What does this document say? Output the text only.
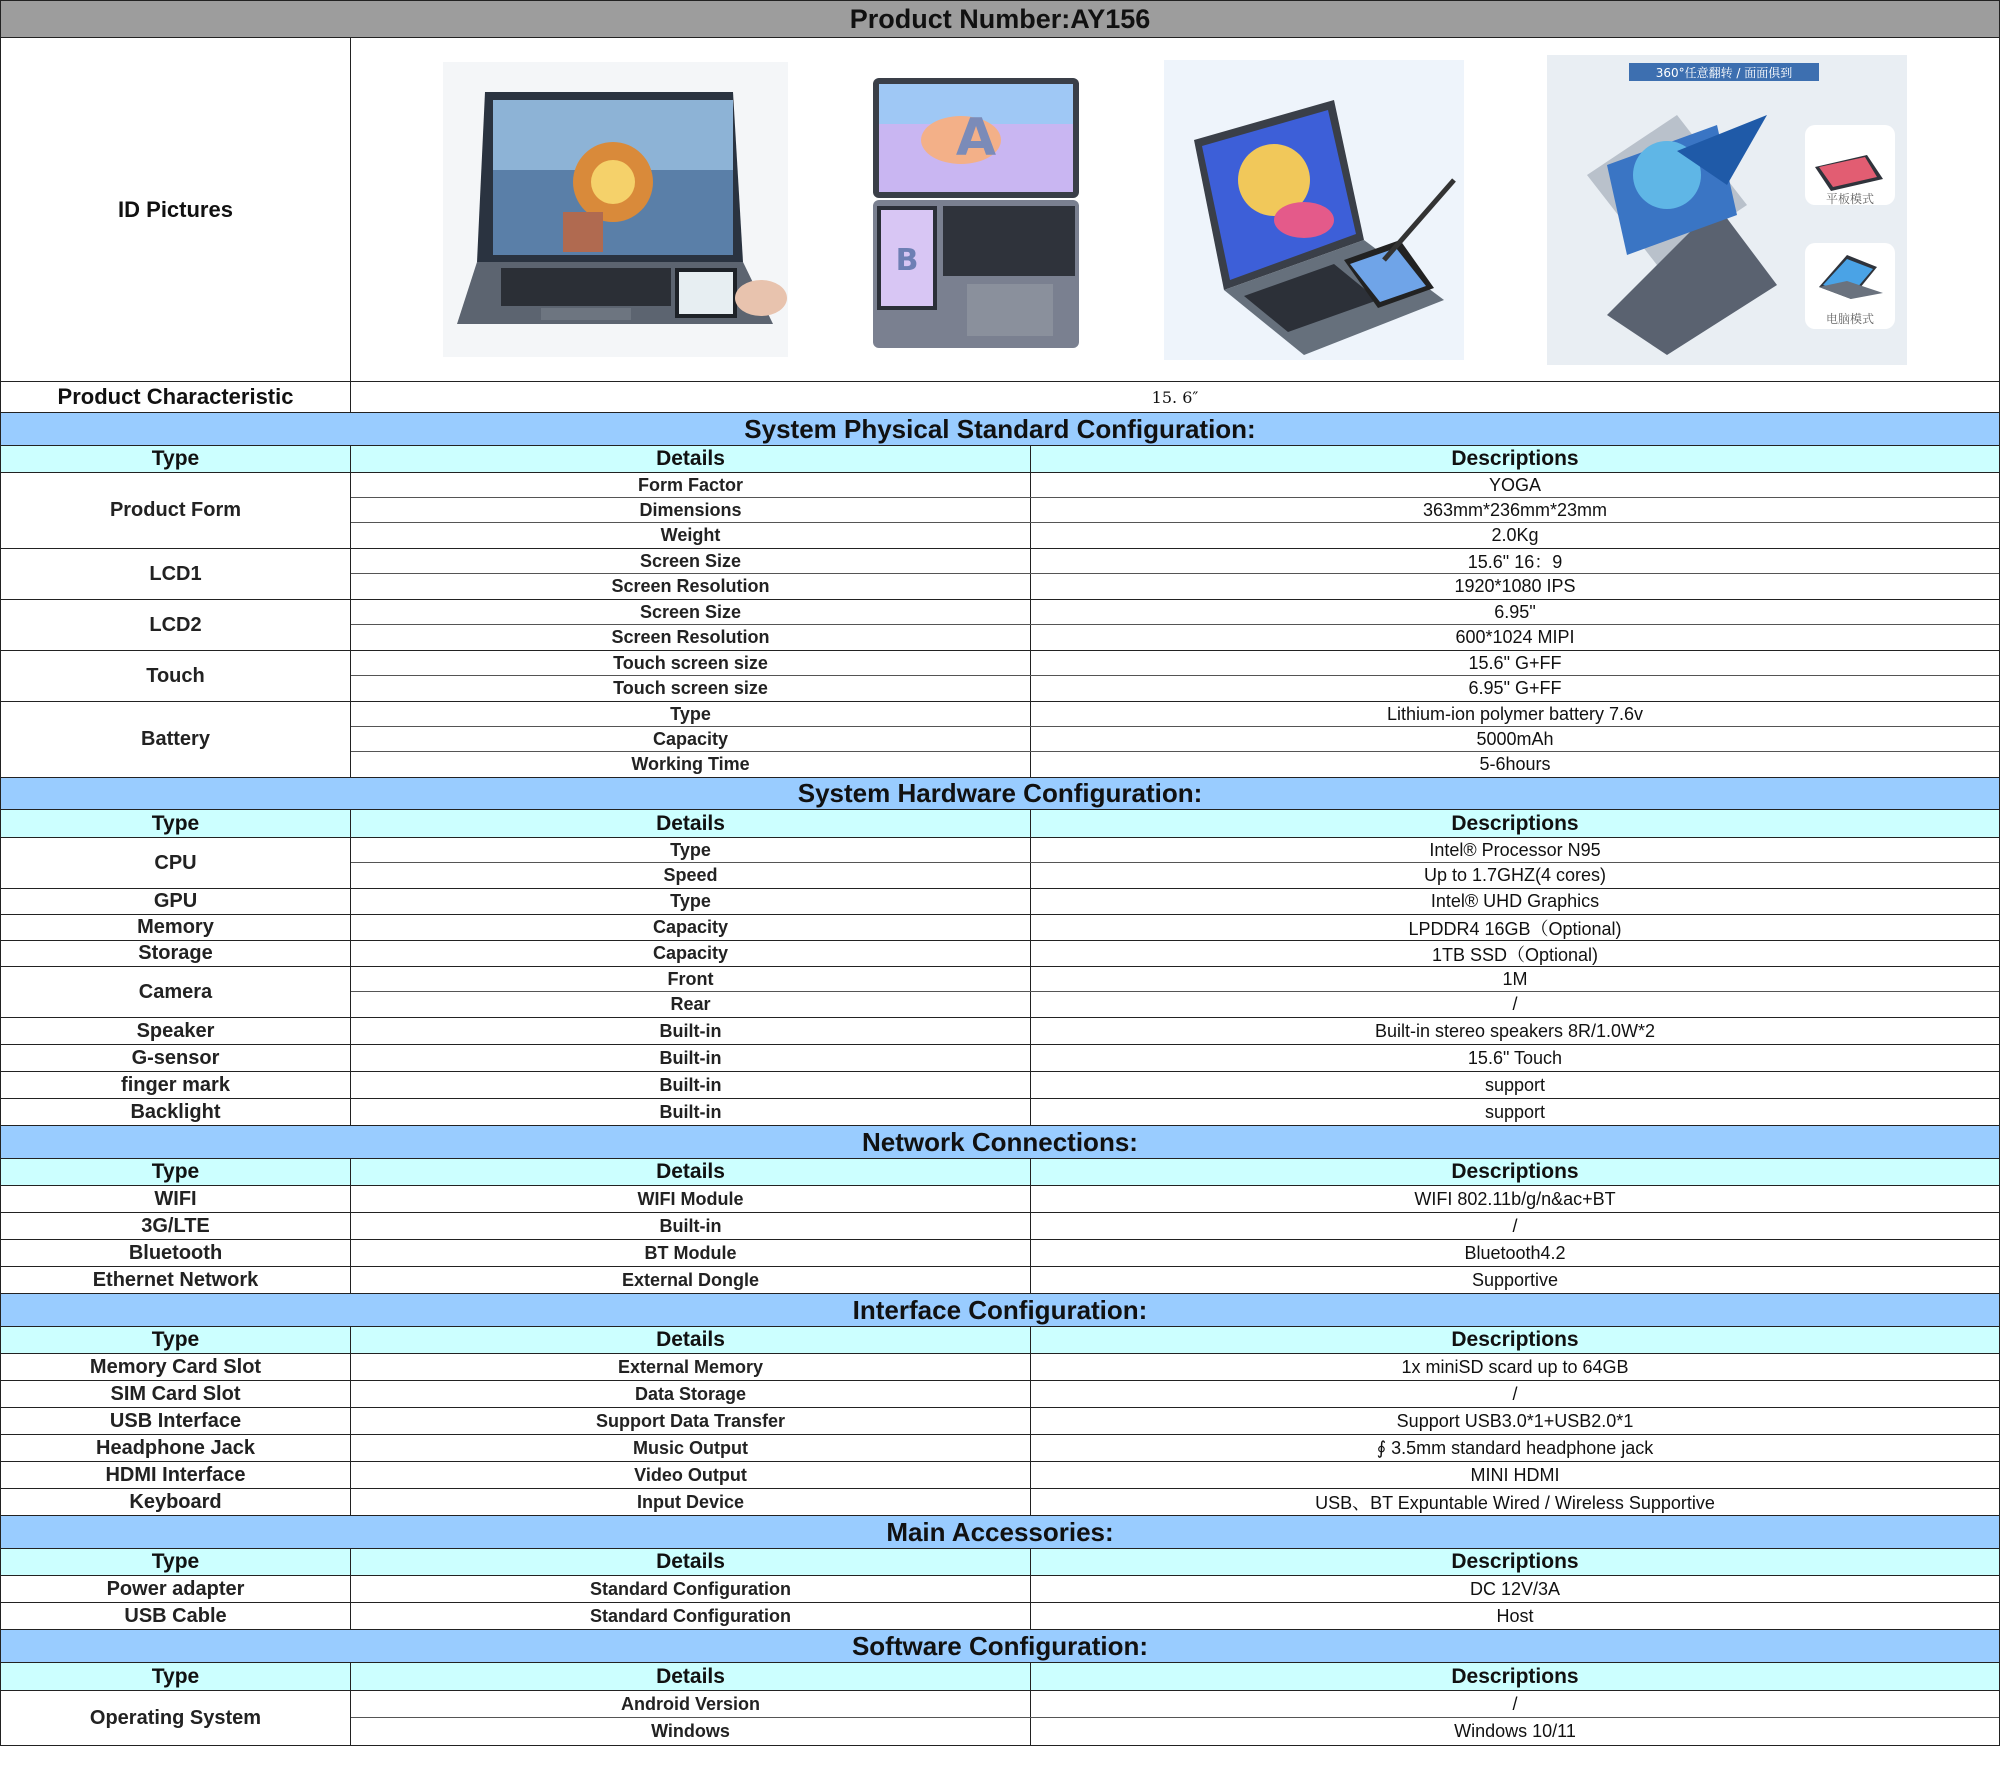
Product Number:AY156
ID Pictures
A
B
360°任意翻转 / 面面俱到
平板模式
电脑模式
Product Characteristic	15. 6″
System Physical Standard Configuration:
Type	Details	Descriptions
Product Form
Form Factor	YOGA
Dimensions	363mm*236mm*23mm
Weight	2.0Kg
LCD1
Screen Size	15.6" 16：9
Screen Resolution	1920*1080 IPS
LCD2
Screen Size	6.95"
Screen Resolution	600*1024 MIPI
Touch
Touch screen size	15.6" G+FF
Touch screen size	6.95" G+FF
Battery
Type	Lithium-ion polymer battery 7.6v
Capacity	5000mAh
Working Time	5-6hours
System Hardware Configuration:
Type	Details	Descriptions
CPU
Type	Intel® Processor N95
Speed	Up to 1.7GHZ(4 cores)
GPU	Type	Intel® UHD Graphics
Memory	Capacity	LPDDR4 16GB（Optional)
Storage	Capacity	1TB SSD（Optional)
Camera
Front	1M
Rear	/
Speaker	Built-in	Built-in stereo speakers 8R/1.0W*2
G-sensor	Built-in	15.6" Touch
finger mark	Built-in	support
Backlight	Built-in	support
Network Connections:
Type	Details	Descriptions
WIFI	WIFI Module	WIFI 802.11b/g/n&ac+BT
3G/LTE	Built-in	/
Bluetooth	BT Module	Bluetooth4.2
Ethernet Network	External Dongle	Supportive
Interface Configuration:
Type	Details	Descriptions
Memory Card Slot	External Memory	1x miniSD scard up to 64GB
SIM Card Slot	Data Storage	/
USB Interface	Support Data Transfer	Support USB3.0*1+USB2.0*1
Headphone Jack	Music Output	∮ 3.5mm standard headphone jack
HDMI Interface	Video Output	MINI HDMI
Keyboard	Input Device	USB、BT Expuntable Wired / Wireless Supportive
Main Accessories:
Type	Details	Descriptions
Power adapter	Standard Configuration	DC 12V/3A
USB Cable	Standard Configuration	Host
Software Configuration:
Type	Details	Descriptions
Operating System
Android Version	/
Windows	Windows 10/11
